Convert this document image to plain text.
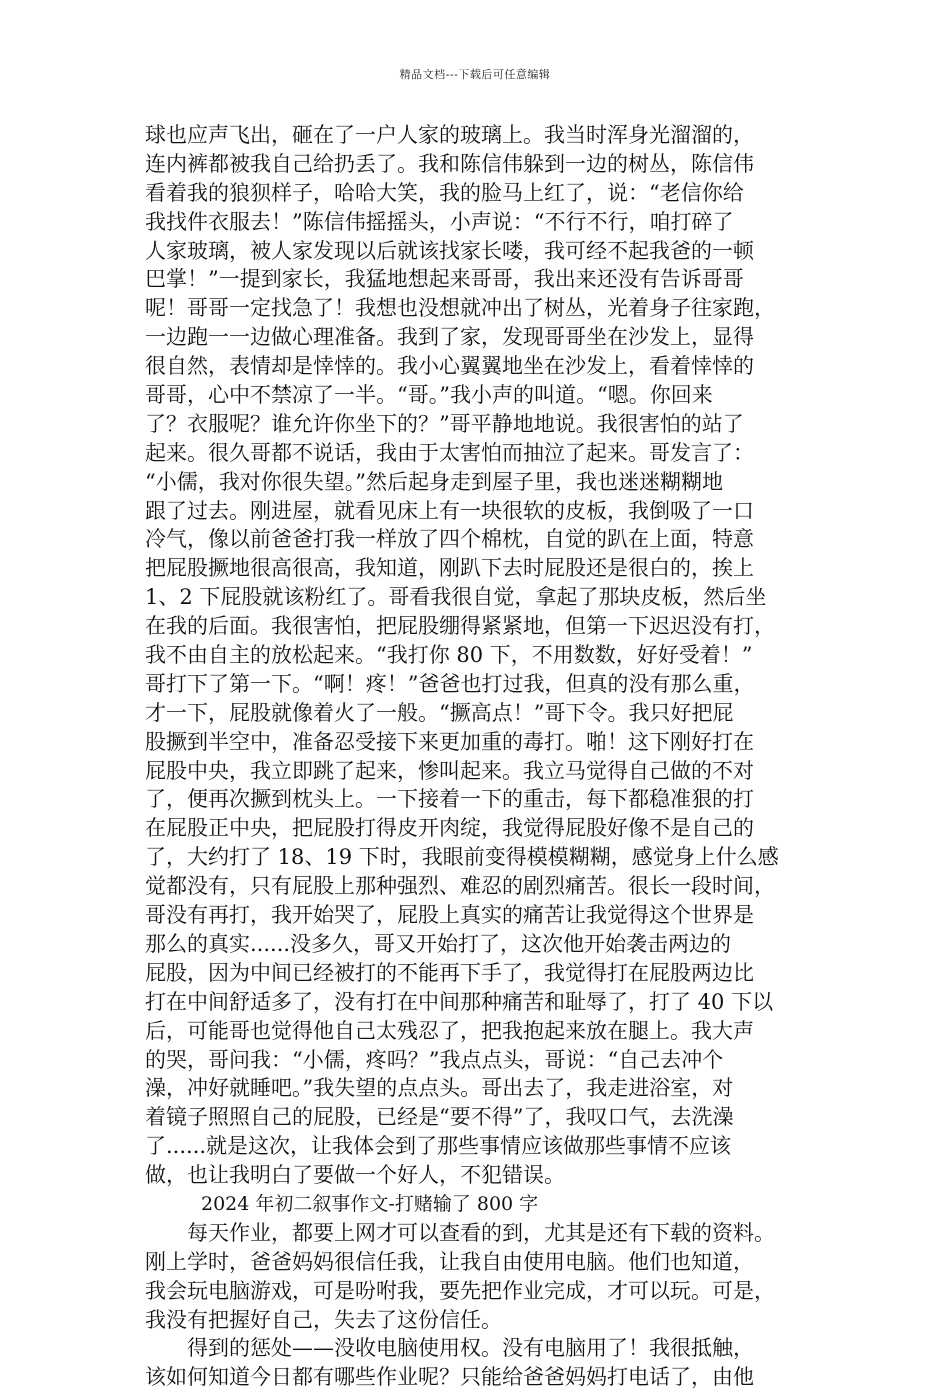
精品文档---下载后可任意编辑
球也应声飞出，砸在了一户人家的玻璃上。我当时浑身光溜溜的，
连内裤都被我自己给扔丢了。我和陈信伟躲到一边的树丛，陈信伟
看着我的狼狈样子，哈哈大笑，我的脸马上红了，说：“老信你给
我找件衣服去！”陈信伟摇摇头，小声说：“不行不行，咱打碎了
人家玻璃，被人家发现以后就该找家长喽，我可经不起我爸的一顿
巴掌！”一提到家长，我猛地想起来哥哥，我出来还没有告诉哥哥
呢！哥哥一定找急了！我想也没想就冲出了树丛，光着身子往家跑，
一边跑一一边做心理准备。我到了家，发现哥哥坐在沙发上，显得
很自然，表情却是悻悻的。我小心翼翼地坐在沙发上，看着悻悻的
哥哥，心中不禁凉了一半。“哥。”我小声的叫道。“嗯。你回来
了？衣服呢？谁允许你坐下的？”哥平静地地说。我很害怕的站了
起来。很久哥都不说话，我由于太害怕而抽泣了起来。哥发言了：
“小儒，我对你很失望。”然后起身走到屋子里，我也迷迷糊糊地
跟了过去。刚进屋，就看见床上有一块很软的皮板，我倒吸了一口
冷气，像以前爸爸打我一样放了四个棉枕，自觉的趴在上面，特意
把屁股撅地很高很高，我知道，刚趴下去时屁股还是很白的，挨上
1、2 下屁股就该粉红了。哥看我很自觉，拿起了那块皮板，然后坐
在我的后面。我很害怕，把屁股绷得紧紧地，但第一下迟迟没有打，
我不由自主的放松起来。“我打你 80 下，不用数数，好好受着！”
哥打下了第一下。“啊！疼！”爸爸也打过我，但真的没有那么重，
才一下，屁股就像着火了一般。“撅高点！”哥下令。我只好把屁
股撅到半空中，准备忍受接下来更加重的毒打。啪！这下刚好打在
屁股中央，我立即跳了起来，惨叫起来。我立马觉得自己做的不对
了，便再次撅到枕头上。一下接着一下的重击，每下都稳准狠的打
在屁股正中央，把屁股打得皮开肉绽，我觉得屁股好像不是自己的
了，大约打了 18、19 下时，我眼前变得模模糊糊，感觉身上什么感
觉都没有，只有屁股上那种强烈、难忍的剧烈痛苦。很长一段时间，
哥没有再打，我开始哭了，屁股上真实的痛苦让我觉得这个世界是
那么的真实......没多久，哥又开始打了，这次他开始袭击两边的
屁股，因为中间已经被打的不能再下手了，我觉得打在屁股两边比
打在中间舒适多了，没有打在中间那种痛苦和耻辱了，打了 40 下以
后，可能哥也觉得他自己太残忍了，把我抱起来放在腿上。我大声
的哭，哥问我：“小儒，疼吗？”我点点头，哥说：“自己去冲个
澡，冲好就睡吧。”我失望的点点头。哥出去了，我走进浴室，对
着镜子照照自己的屁股，已经是“要不得”了，我叹口气，去洗澡
了......就是这次，让我体会到了那些事情应该做那些事情不应该
做，也让我明白了要做一个好人，不犯错误。
2024 年初二叙事作文-打赌输了 800 字
每天作业，都要上网才可以查看的到，尤其是还有下载的资料。
刚上学时，爸爸妈妈很信任我，让我自由使用电脑。他们也知道，
我会玩电脑游戏，可是吩咐我，要先把作业完成，才可以玩。可是，
我没有把握好自己，失去了这份信任。
得到的惩处——没收电脑使用权。没有电脑用了！我很抵触，
该如何知道今日都有哪些作业呢？只能给爸爸妈妈打电话了，由他
